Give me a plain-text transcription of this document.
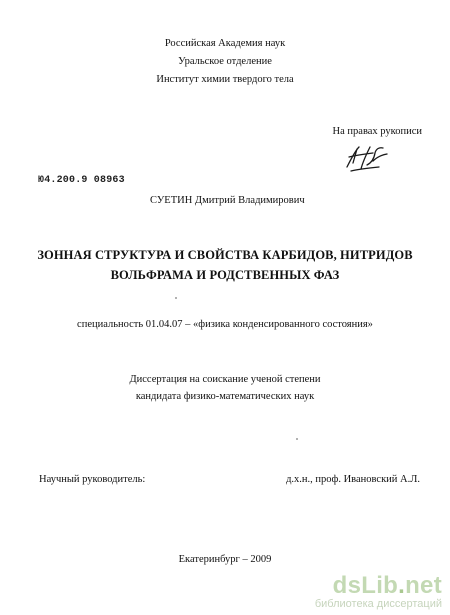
Российская Академия наук
Уральское отделение
Институт химии твердого тела
На правах рукописи
Ю4.200.9 08963
СУЕТИН Дмитрий Владимирович
ЗОННАЯ СТРУКТУРА И СВОЙСТВА КАРБИДОВ, НИТРИДОВ
ВОЛЬФРАМА И РОДСТВЕННЫХ ФАЗ
специальность 01.04.07 – «физика конденсированного состояния»
Диссертация на соискание ученой степени
кандидата физико-математических наук
Научный руководитель:	д.х.н., проф. Ивановский А.Л.
Екатеринбург – 2009
dsLib.net
библиотека диссертаций
